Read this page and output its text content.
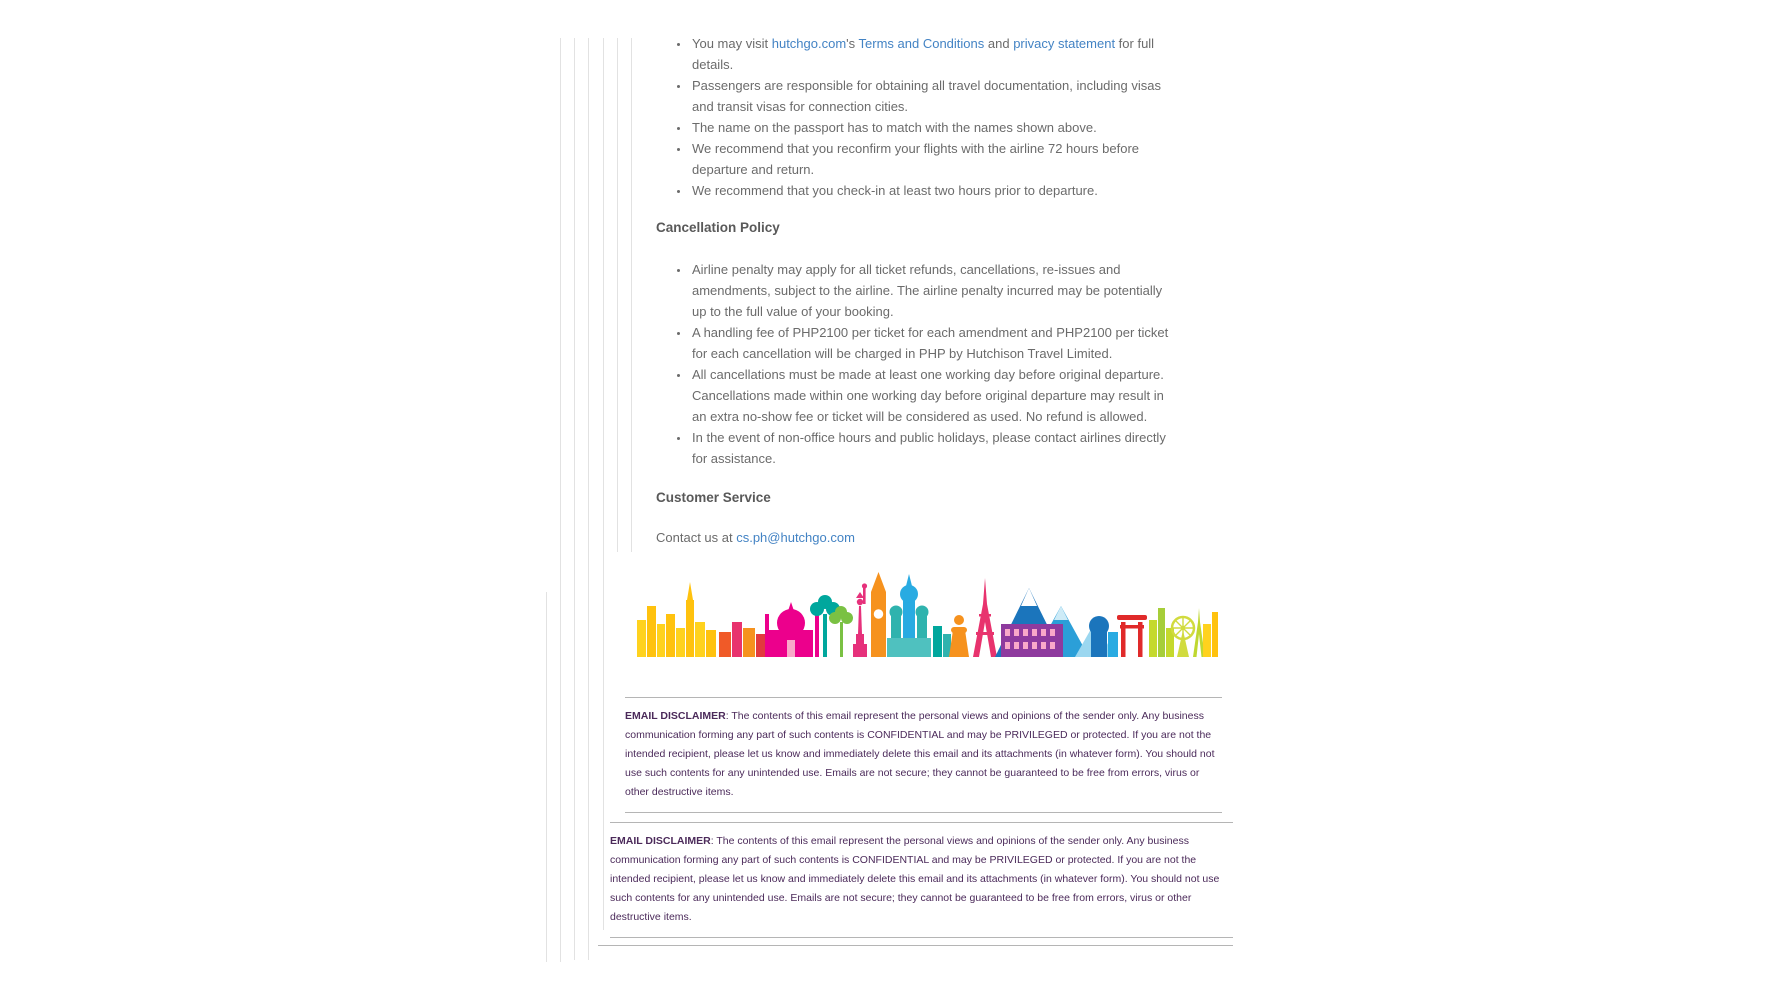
• You may visit hutchgo.com's Terms and Conditions and privacy statement for full details.
• Passengers are responsible for obtaining all travel documentation, including visas and transit visas for connection cities.
• The name on the passport has to match with the names shown above.
• We recommend that you reconfirm your flights with the airline 72 hours before departure and return.
• We recommend that you check-in at least two hours prior to departure.
Cancellation Policy
• Airline penalty may apply for all ticket refunds, cancellations, re-issues and amendments, subject to the airline. The airline penalty incurred may be potentially up to the full value of your booking.
• A handling fee of PHP2100 per ticket for each amendment and PHP2100 per ticket for each cancellation will be charged in PHP by Hutchison Travel Limited.
• All cancellations must be made at least one working day before original departure. Cancellations made within one working day before original departure may result in an extra no-show fee or ticket will be considered as used. No refund is allowed.
• In the event of non-office hours and public holidays, please contact airlines directly for assistance.
Customer Service

Contact us at cs.ph@hutchgo.com

EMAIL DISCLAIMER: The contents of this email represent the personal views and opinions of the sender only. Any business communication forming any part of such contents is CONFIDENTIAL and may be PRIVILEGED or protected. If you are not the intended recipient, please let us know and immediately delete this email and its attachments (in whatever form). You should not use such contents for any unintended use. Emails are not secure; they cannot be guaranteed to be free from errors, virus or other destructive items.

EMAIL DISCLAIMER: The contents of this email represent the personal views and opinions of the sender only. Any business communication forming any part of such contents is CONFIDENTIAL and may be PRIVILEGED or protected. If you are not the intended recipient, please let us know and immediately delete this email and its attachments (in whatever form). You should not use such contents for any unintended use. Emails are not secure; they cannot be guaranteed to be free from errors, virus or other destructive items.
